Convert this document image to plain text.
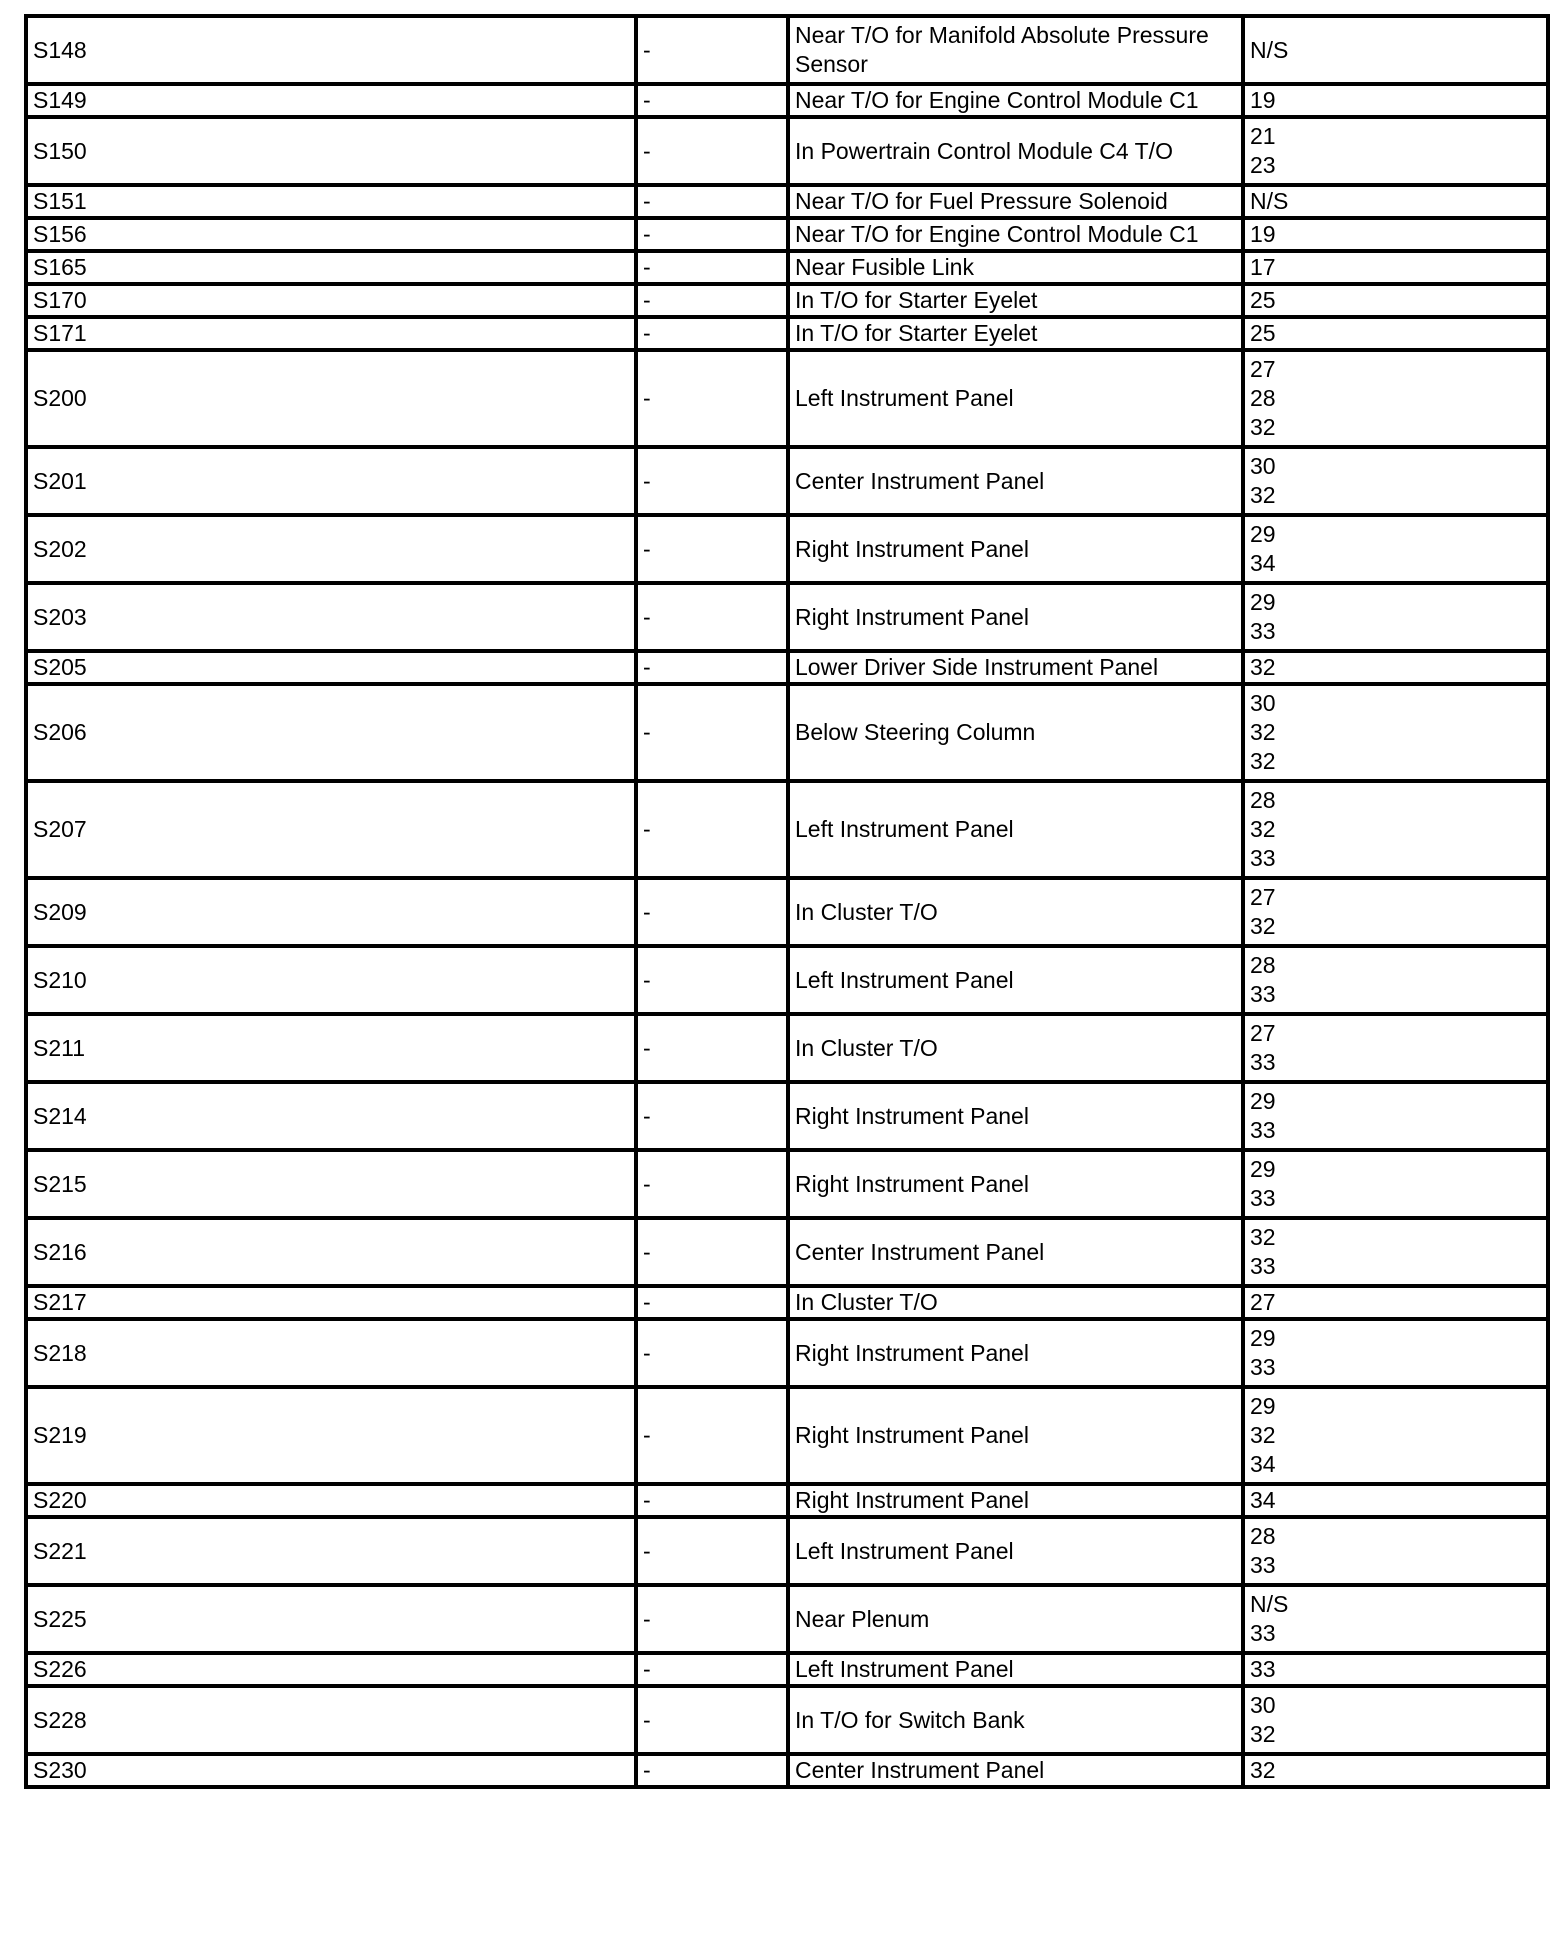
S148	-	Near T/O for Manifold Absolute Pressure Sensor	N/S

S149	-	Near T/O for Engine Control Module C1	19

S150	-	In Powertrain Control Module C4 T/O	21
23

S151	-	Near T/O for Fuel Pressure Solenoid	N/S

S156	-	Near T/O for Engine Control Module C1	19

S165	-	Near Fusible Link	17

S170	-	In T/O for Starter Eyelet	25

S171	-	In T/O for Starter Eyelet	25

S200	-	Left Instrument Panel	27
28
32

S201	-	Center Instrument Panel	30
32

S202	-	Right Instrument Panel	29
34

S203	-	Right Instrument Panel	29
33

S205	-	Lower Driver Side Instrument Panel	32

S206	-	Below Steering Column	30
32
32

S207	-	Left Instrument Panel	28
32
33

S209	-	In Cluster T/O	27
32

S210	-	Left Instrument Panel	28
33

S211	-	In Cluster T/O	27
33

S214	-	Right Instrument Panel	29
33

S215	-	Right Instrument Panel	29
33

S216	-	Center Instrument Panel	32
33

S217	-	In Cluster T/O	27

S218	-	Right Instrument Panel	29
33

S219	-	Right Instrument Panel	29
32
34

S220	-	Right Instrument Panel	34

S221	-	Left Instrument Panel	28
33

S225	-	Near Plenum	N/S
33

S226	-	Left Instrument Panel	33

S228	-	In T/O for Switch Bank	30
32

S230	-	Center Instrument Panel	32
